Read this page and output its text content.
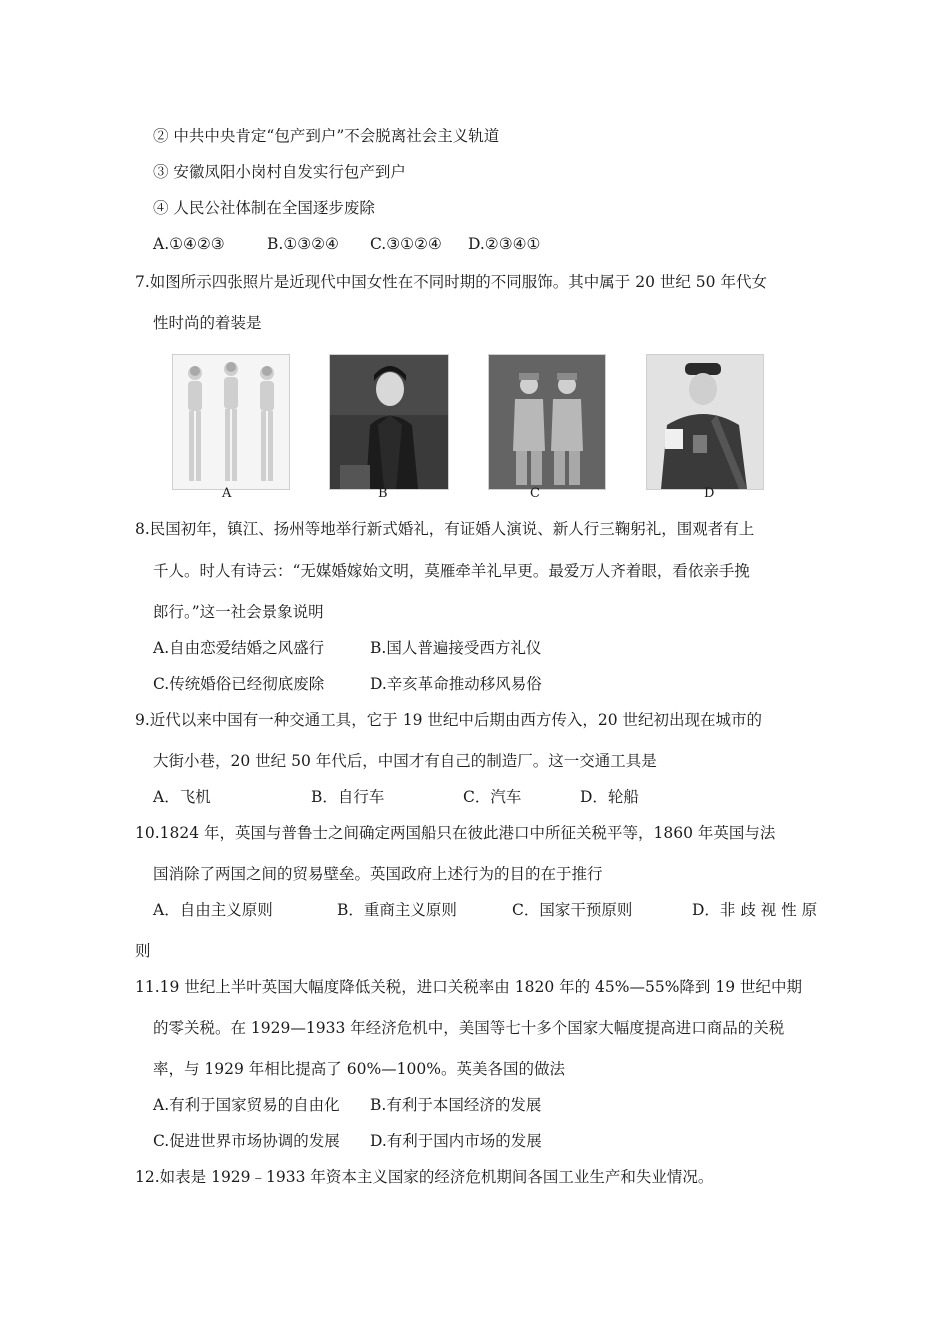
② 中共中央肯定“包产到户”不会脱离社会主义轨道
③ 安徽凤阳小岗村自发实行包产到户
④ 人民公社体制在全国逐步废除
A.①④②③	B.①③②④ C.③①②④ D.②③④①
7.如图所示四张照片是近现代中国女性在不同时期的不同服饰。其中属于 20 世纪 50 年代女
性时尚的着装是
A	B	C	D
8.民国初年，镇江、扬州等地举行新式婚礼，有证婚人演说、新人行三鞠躬礼，围观者有上
千人。时人有诗云：“无媒婚嫁始文明，莫雁牵羊礼早更。最爱万人齐着眼，看依亲手挽
郎行。”这一社会景象说明
A.自由恋爱结婚之风盛行	B.国人普遍接受西方礼仪
C.传统婚俗已经彻底废除	D.辛亥革命推动移风易俗
9.近代以来中国有一种交通工具，它于 19 世纪中后期由西方传入，20 世纪初出现在城市的
大街小巷，20 世纪 50 年代后，中国才有自己的制造厂。这一交通工具是
A．飞机	B．自行车	C．汽车	D．轮船
10.1824 年，英国与普鲁士之间确定两国船只在彼此港口中所征关税平等，1860 年英国与法
国消除了两国之间的贸易壁垒。英国政府上述行为的目的在于推行
A．自由主义原则	B．重商主义原则	C．国家干预原则	D．非 歧 视 性 原
则
11.19 世纪上半叶英国大幅度降低关税，进口关税率由 1820 年的 45%—55%降到 19 世纪中期
的零关税。在 1929—1933 年经济危机中，美国等七十多个国家大幅度提高进口商品的关税
率，与 1929 年相比提高了 60%—100%。英美各国的做法
A.有利于国家贸易的自由化 B.有利于本国经济的发展
C.促进世界市场协调的发展 D.有利于国内市场的发展
12.如表是 1929﹣1933 年资本主义国家的经济危机期间各国工业生产和失业情况。
